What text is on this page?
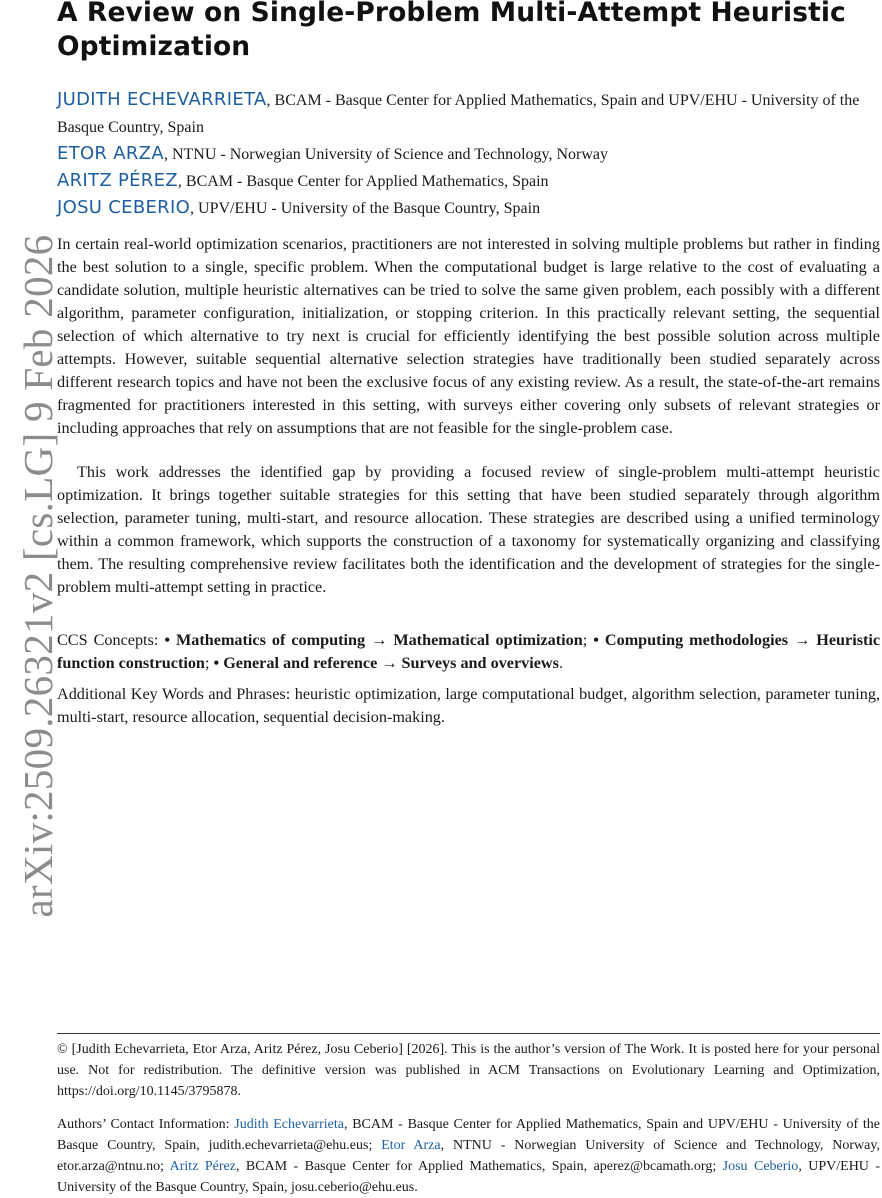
A Review on Single-Problem Multi-Attempt Heuristic Optimization
JUDITH ECHEVARRIETA, BCAM - Basque Center for Applied Mathematics, Spain and UPV/EHU - University of the Basque Country, Spain
ETOR ARZA, NTNU - Norwegian University of Science and Technology, Norway
ARITZ PÉREZ, BCAM - Basque Center for Applied Mathematics, Spain
JOSU CEBERIO, UPV/EHU - University of the Basque Country, Spain
arXiv:2509.26321v2 [cs.LG] 9 Feb 2026

In certain real-world optimization scenarios, practitioners are not interested in solving multiple problems but rather in finding the best solution to a single, specific problem. When the computational budget is large relative to the cost of evaluating a candidate solution, multiple heuristic alternatives can be tried to solve the same given problem, each possibly with a different algorithm, parameter configuration, initialization, or stopping criterion. In this practically relevant setting, the sequential selection of which alternative to try next is crucial for efficiently identifying the best possible solution across multiple attempts. However, suitable sequential alternative selection strategies have traditionally been studied separately across different research topics and have not been the exclusive focus of any existing review. As a result, the state-of-the-art remains fragmented for practitioners interested in this setting, with surveys either covering only subsets of relevant strategies or including approaches that rely on assumptions that are not feasible for the single-problem case.

This work addresses the identified gap by providing a focused review of single-problem multi-attempt heuristic optimization. It brings together suitable strategies for this setting that have been studied separately through algorithm selection, parameter tuning, multi-start, and resource allocation. These strategies are described using a unified terminology within a common framework, which supports the construction of a taxonomy for systematically organizing and classifying them. The resulting comprehensive review facilitates both the identification and the development of strategies for the single-problem multi-attempt setting in practice.

CCS Concepts: • Mathematics of computing → Mathematical optimization; • Computing methodologies → Heuristic function construction; • General and reference → Surveys and overviews.

Additional Key Words and Phrases: heuristic optimization, large computational budget, algorithm selection, parameter tuning, multi-start, resource allocation, sequential decision-making.

© [Judith Echevarrieta, Etor Arza, Aritz Pérez, Josu Ceberio] [2026]. This is the author’s version of The Work. It is posted here for your personal use. Not for redistribution. The definitive version was published in ACM Transactions on Evolutionary Learning and Optimization, https://doi.org/10.1145/3795878.

Authors’ Contact Information: Judith Echevarrieta, BCAM - Basque Center for Applied Mathematics, Spain and UPV/EHU - University of the Basque Country, Spain, judith.echevarrieta@ehu.eus; Etor Arza, NTNU - Norwegian University of Science and Technology, Norway, etor.arza@ntnu.no; Aritz Pérez, BCAM - Basque Center for Applied Mathematics, Spain, aperez@bcamath.org; Josu Ceberio, UPV/EHU - University of the Basque Country, Spain, josu.ceberio@ehu.eus.
